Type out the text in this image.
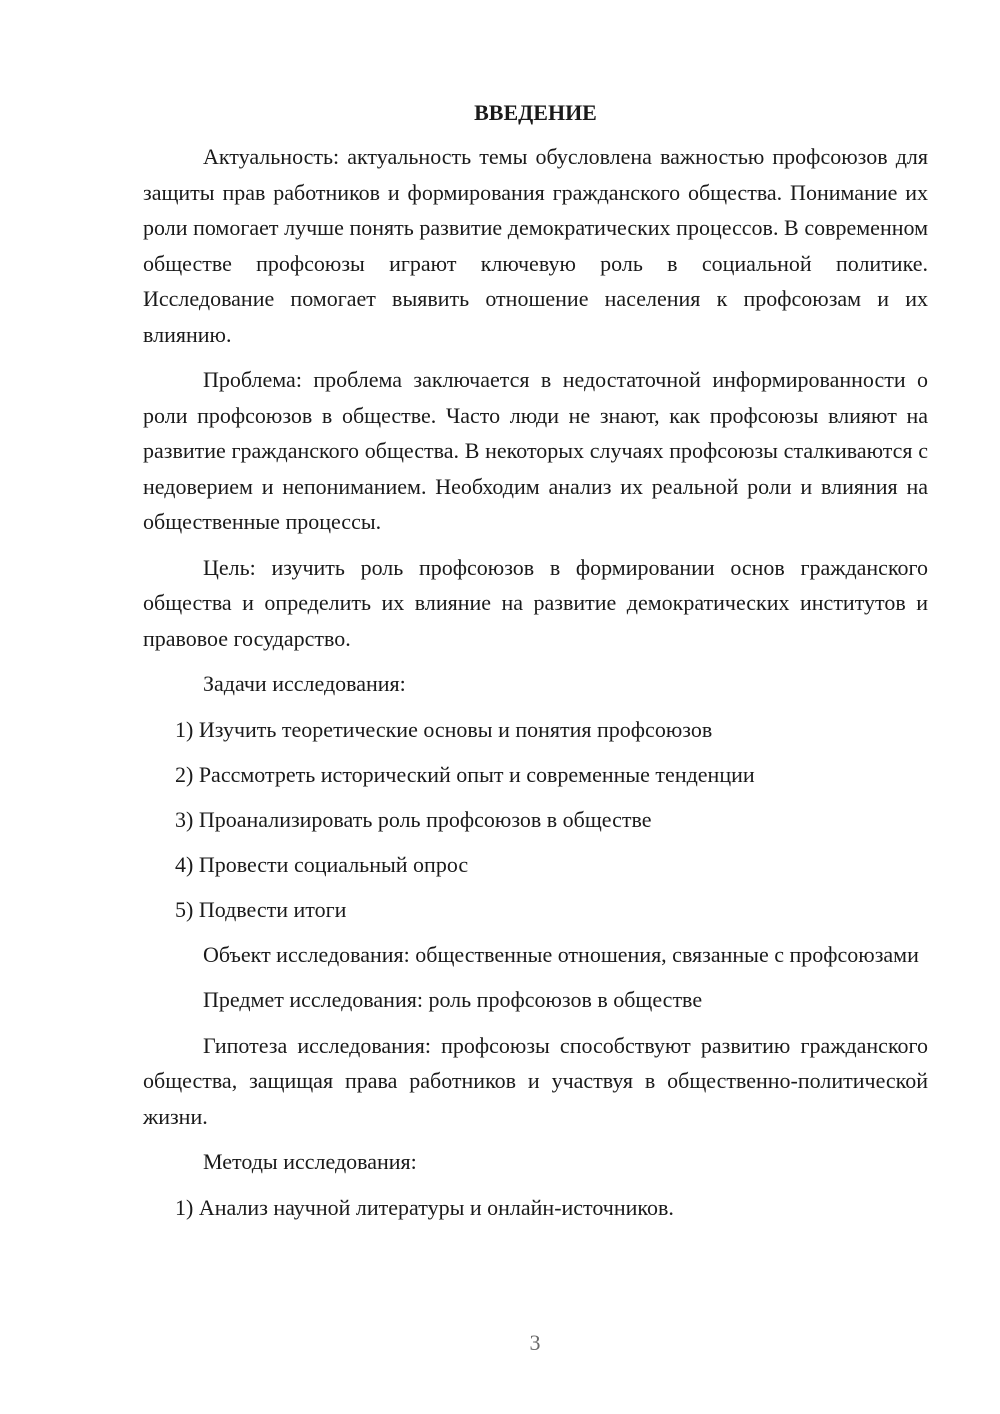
ВВЕДЕНИЕ

Актуальность: актуальность темы обусловлена важностью профсоюзов для защиты прав работников и формирования гражданского общества. Понимание их роли помогает лучше понять развитие демократических процессов. В современном обществе профсоюзы играют ключевую роль в социальной политике. Исследование помогает выявить отношение населения к профсоюзам и их влиянию.

Проблема: проблема заключается в недостаточной информированности о роли профсоюзов в обществе. Часто люди не знают, как профсоюзы влияют на развитие гражданского общества. В некоторых случаях профсоюзы сталкиваются с недоверием и непониманием. Необходим анализ их реальной роли и влияния на общественные процессы.

Цель: изучить роль профсоюзов в формировании основ гражданского общества и определить их влияние на развитие демократических институтов и правовое государство.

Задачи исследования:

1) Изучить теоретические основы и понятия профсоюзов
2) Рассмотреть исторический опыт и современные тенденции
3) Проанализировать роль профсоюзов в обществе
4) Провести социальный опрос
5) Подвести итоги

Объект исследования: общественные отношения, связанные с профсоюзами

Предмет исследования: роль профсоюзов в обществе

Гипотеза исследования: профсоюзы способствуют развитию гражданского общества, защищая права работников и участвуя в общественно-политической жизни.

Методы исследования:

1) Анализ научной литературы и онлайн-источников.
3
